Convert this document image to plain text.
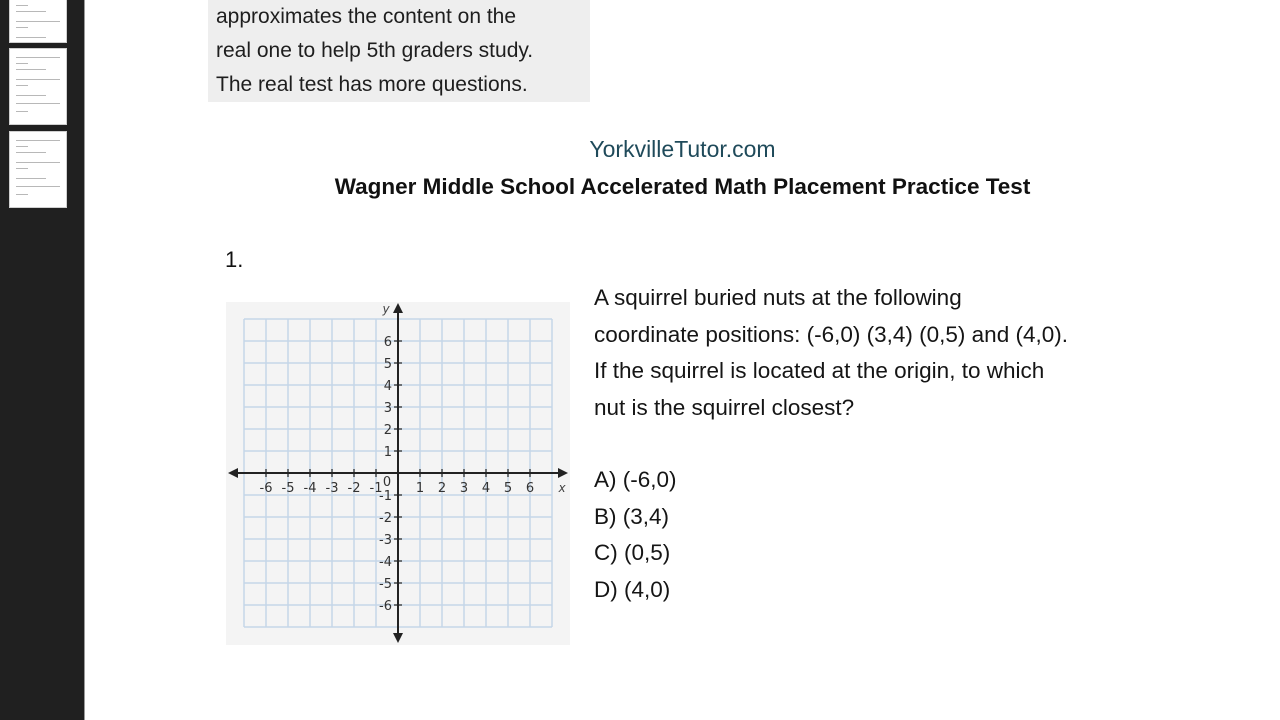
approximates the content on the
real one to help 5th graders study.
The real test has more questions.
YorkvilleTutor.com
Wagner Middle School Accelerated Math Placement Practice Test
1.
-6 -5 -4 -3 -2 -1	1 2 3 4 5 6
6
5
4
3
2
1
-1
-2
-3
-4
-5
-6
0	x
y	A squirrel buried nuts at the following
coordinate positions: (-6,0) (3,4) (0,5) and (4,0).
If the squirrel is located at the origin, to which
nut is the squirrel closest?
A) (-6,0)
B) (3,4)
C) (0,5)
D) (4,0)
